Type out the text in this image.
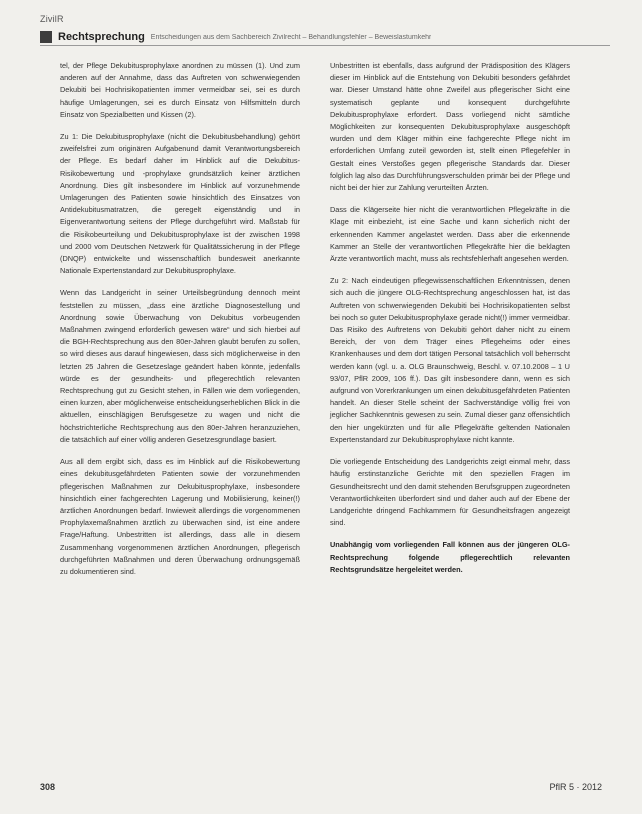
ZivilR
Rechtsprechung Entscheidungen aus dem Sachbereich Zivilrecht – Behandlungsfehler – Beweislastumkehr

tel, der Pflege Dekubitusprophylaxe anordnen zu müssen (1). Und zum anderen auf der Annahme, dass das Auftreten von schwerwiegenden Dekubiti bei Hochrisikopatienten immer vermeidbar sei, sei es durch häufige Umlagerungen, sei es durch Einsatz von Hilfsmitteln durch Einsatz von Spezialbetten und Kissen (2).

Zu 1: Die Dekubitusprophylaxe (nicht die Dekubitusbehandlung) gehört zweifelsfrei zum originären Aufgabenund damit Verantwortungsbereich der Pflege. Es bedarf daher im Hinblick auf die Dekubitus-Risikobewertung und -prophylaxe grundsätzlich keiner ärztlichen Anordnung. Dies gilt insbesondere im Hinblick auf vorzunehmende Umlagerungen des Patienten sowie hinsichtlich des Einsatzes von Antidekubitusmatratzen, die geregelt eigenständig und in Eigenverantwortung seitens der Pflege durchgeführt wird. Maßstab für die Risikobeurteilung und Dekubitusprophylaxe ist der zwischen 1998 und 2000 vom Deutschen Netzwerk für Qualitätssicherung in der Pflege (DNQP) entwickelte und wissenschaftlich bundesweit anerkannte Nationale Expertenstandard zur Dekubitusprophylaxe.

Wenn das Landgericht in seiner Urteilsbegründung dennoch meint feststellen zu müssen, „dass eine ärztliche Diagnosestellung und Anordnung sowie Überwachung von Dekubitus vorbeugenden Maßnahmen zwingend erforderlich gewesen wäre“ und sich hierbei auf die BGH-Rechtsprechung aus den 80er-Jahren glaubt berufen zu sollen, so wird dieses aus darauf hingewiesen, dass sich möglicherweise in den letzten 25 Jahren die Gesetzeslage geändert haben könnte, jedenfalls würde es der gesundheits- und pflegerechtlich relevanten Rechtsprechung gut zu Gesicht stehen, in Fällen wie dem vorliegenden, einen kurzen, aber möglicherweise entscheidungserheblichen Blick in die aktuellen, einschlägigen Berufsgesetze zu wagen und nicht die höchstrichterliche Rechtsprechung aus den 80er-Jahren heranzuziehen, die tatsächlich auf einer völlig anderen Gesetzesgrundlage basiert.

Aus all dem ergibt sich, dass es im Hinblick auf die Risikobewertung eines dekubitusgefährdeten Patienten sowie der vorzunehmenden pflegerischen Maßnahmen zur Dekubitusprophylaxe, insbesondere hinsichtlich einer fachgerechten Lagerung und Mobilisierung, keiner(!) ärztlichen Anordnungen bedarf. Inwieweit allerdings die vorgenommenen Prophylaxemaßnahmen ärztlich zu überwachen sind, ist eine andere Frage/Haftung. Unbestritten ist allerdings, dass alle in diesem Zusammenhang vorgenommenen ärztlichen Anordnungen, pflegerisch durchgeführten Maßnahmen und deren Überwachung ordnungsgemäß zu dokumentieren sind.

Unbestritten ist ebenfalls, dass aufgrund der Prädisposition des Klägers dieser im Hinblick auf die Entstehung von Dekubiti besonders gefährdet war. Dieser Umstand hätte ohne Zweifel aus pflegerischer Sicht eine systematisch geplante und konsequent durchgeführte Dekubitusprophylaxe erfordert. Dass vorliegend nicht sämtliche Möglichkeiten zur konsequenten Dekubitusprophylaxe ausgeschöpft wurden und dem Kläger mithin eine fachgerechte Pflege nicht im erforderlichen Umfang zuteil geworden ist, stellt einen Pflegefehler in Gestalt eines Verstoßes gegen pflegerische Standards dar. Dieser folglich lag also das Durchführungsverschulden primär bei der Pflege und nicht bei der hier zur Zahlung verurteilten Ärzten.

Dass die Klägerseite hier nicht die verantwortlichen Pflegekräfte in die Klage mit einbezieht, ist eine Sache und kann sicherlich nicht der erkennenden Kammer angelastet werden. Dass aber die erkennende Kammer an Stelle der verantwortlichen Pflegekräfte hier die beklagten Ärzte verantwortlich macht, muss als rechtsfehlerhaft angesehen werden.

Zu 2: Nach eindeutigen pflegewissenschaftlichen Erkenntnissen, denen sich auch die jüngere OLG-Rechtsprechung angeschlossen hat, ist das Auftreten von schwerwiegenden Dekubiti bei Hochrisikopatienten selbst bei noch so guter Dekubitusprophylaxe gerade nicht(!) immer vermeidbar. Das Risiko des Auftretens von Dekubiti gehört daher nicht zu einem Bereich, der von dem Träger eines Pflegeheims oder eines Krankenhauses und dem dort tätigen Personal tatsächlich voll beherrscht werden kann (vgl. u. a. OLG Braunschweig, Beschl. v. 07.10.2008 – 1 U 93/07, PflR 2009, 106 ff.). Das gilt insbesondere dann, wenn es sich aufgrund von Vorerkrankungen um einen dekubitusgefährdeten Patienten handelt. An dieser Stelle scheint der Sachverständige völlig frei von jeglicher Sachkenntnis gewesen zu sein. Zumal dieser ganz offensichtlich den hier ungekürzten und für alle Pflegekräfte geltenden Nationalen Expertenstandard zur Dekubitusprophylaxe nicht kannte.

Die vorliegende Entscheidung des Landgerichts zeigt einmal mehr, dass häufig erstinstanzliche Gerichte mit den speziellen Fragen im Gesundheitsrecht und den damit stehenden Berufsgruppen zugeordneten Verantwortlichkeiten überfordert sind und daher auch auf der Ebene der Landgerichte dringend Fachkammern für Gesundheitsfragen angezeigt sind.

Unabhängig vom vorliegenden Fall können aus der jüngeren OLG-Rechtsprechung folgende pflegerechtlich relevanten Rechtsgrundsätze hergeleitet werden.

308	PflR 5 · 2012
